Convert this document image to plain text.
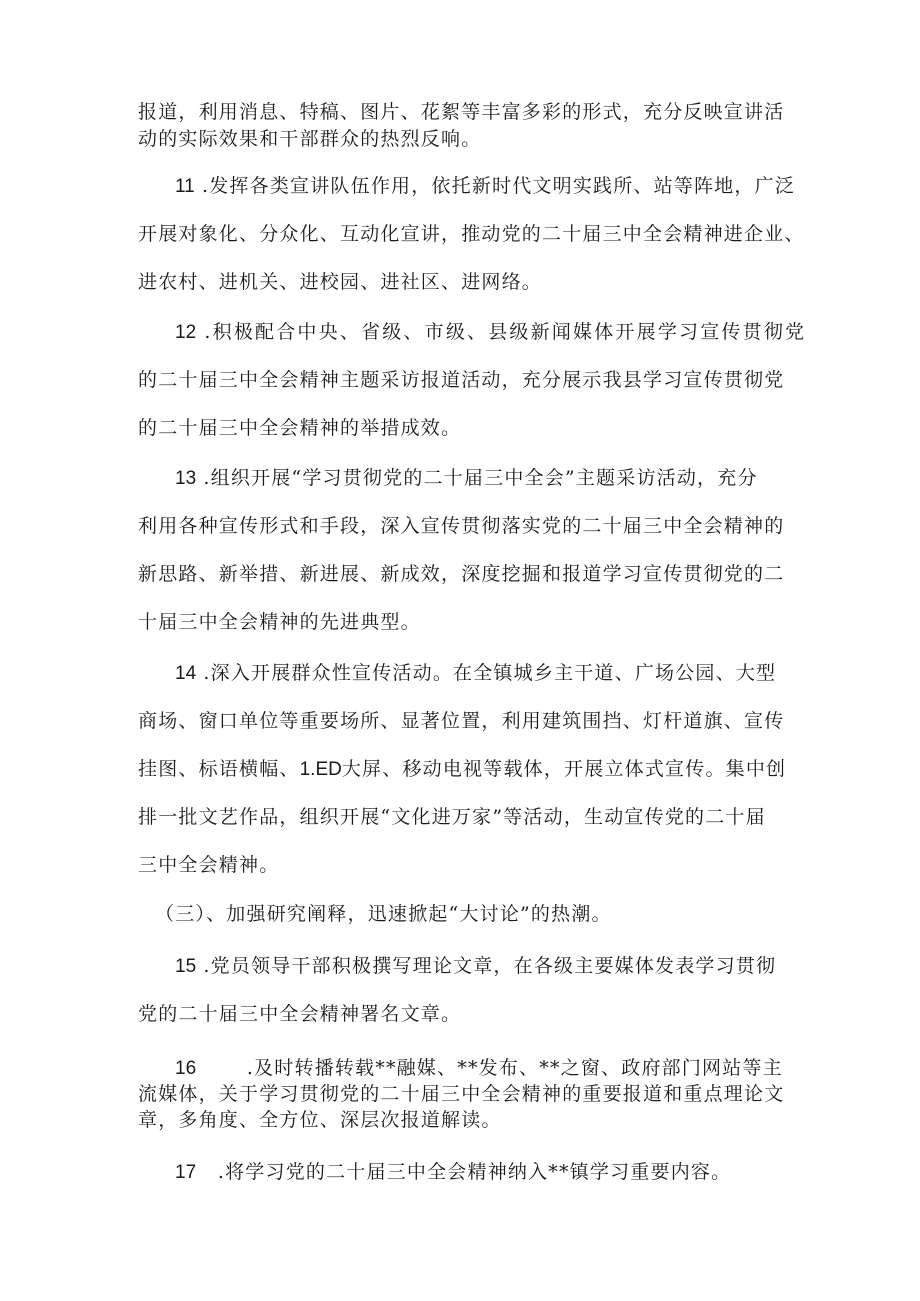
报道，利用消息、特稿、图片、花絮等丰富多彩的形式，充分反映宣讲活
动的实际效果和干部群众的热烈反响。
11 .发挥各类宣讲队伍作用，依托新时代文明实践所、站等阵地，广泛
开展对象化、分众化、互动化宣讲，推动党的二十届三中全会精神进企业、
进农村、进机关、进校园、进社区、进网络。
12 .积极配合中央、省级、市级、县级新闻媒体开展学习宣传贯彻党
的二十届三中全会精神主题采访报道活动，充分展示我县学习宣传贯彻党
的二十届三中全会精神的举措成效。
13 .组织开展“学习贯彻党的二十届三中全会”主题采访活动，充分
利用各种宣传形式和手段，深入宣传贯彻落实党的二十届三中全会精神的
新思路、新举措、新进展、新成效，深度挖掘和报道学习宣传贯彻党的二
十届三中全会精神的先进典型。
14 .深入开展群众性宣传活动。在全镇城乡主干道、广场公园、大型
商场、窗口单位等重要场所、显著位置，利用建筑围挡、灯杆道旗、宣传
挂图、标语横幅、1.ED大屏、移动电视等载体，开展立体式宣传。集中创
排一批文艺作品，组织开展“文化进万家”等活动，生动宣传党的二十届
三中全会精神。
（三）、加强研究阐释，迅速掀起“大讨论”的热潮。
15 .党员领导干部积极撰写理论文章，在各级主要媒体发表学习贯彻
党的二十届三中全会精神署名文章。
16       .及时转播转载**融媒、**发布、**之窗、政府部门网站等主
流媒体，关于学习贯彻党的二十届三中全会精神的重要报道和重点理论文
章，多角度、全方位、深层次报道解读。
17   .将学习党的二十届三中全会精神纳入**镇学习重要内容。
